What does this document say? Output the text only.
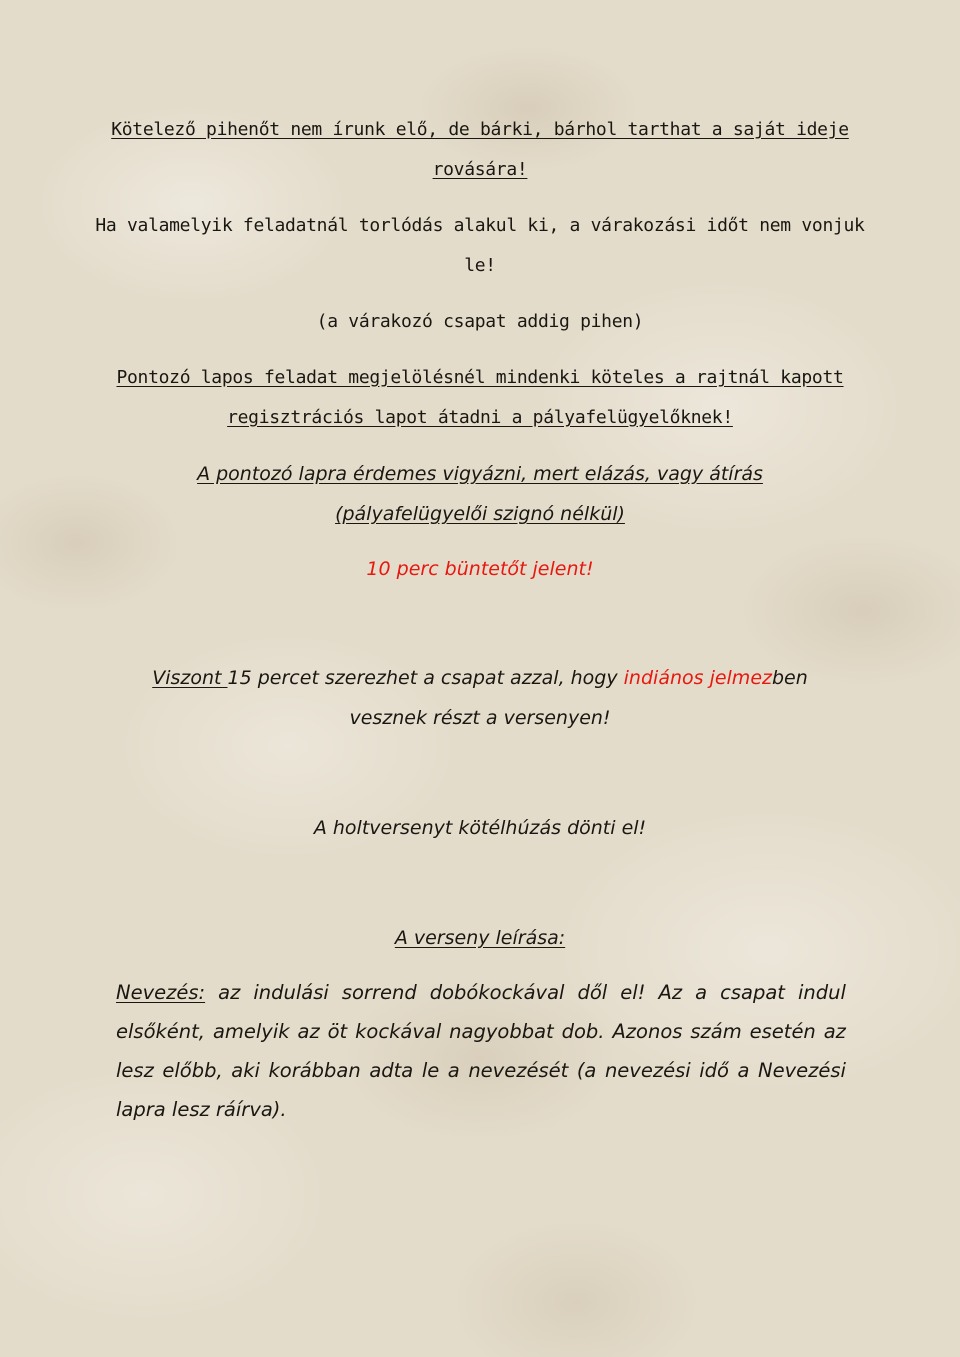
Kötelező pihenőt nem írunk elő, de bárki, bárhol tarthat a saját ideje
rovására!
Ha valamelyik feladatnál torlódás alakul ki, a várakozási időt nem vonjuk
le!
(a várakozó csapat addig pihen)
Pontozó lapos feladat megjelölésnél mindenki köteles a rajtnál kapott
regisztrációs lapot átadni a pályafelügyelőknek!
A pontozó lapra érdemes vigyázni, mert elázás, vagy átírás
(pályafelügyelői szignó nélkül)
10 perc büntetőt jelent!
Viszont 15 percet szerezhet a csapat azzal, hogy indiános jelmezben
vesznek részt a versenyen!
A holtversenyt kötélhúzás dönti el!
A verseny leírása:
Nevezés: az indulási sorrend dobókockával dől el! Az a csapat indul
elsőként, amelyik az öt kockával nagyobbat dob. Azonos szám esetén az
lesz előbb, aki korábban adta le a nevezését (a nevezési idő a Nevezési
lapra lesz ráírva).
